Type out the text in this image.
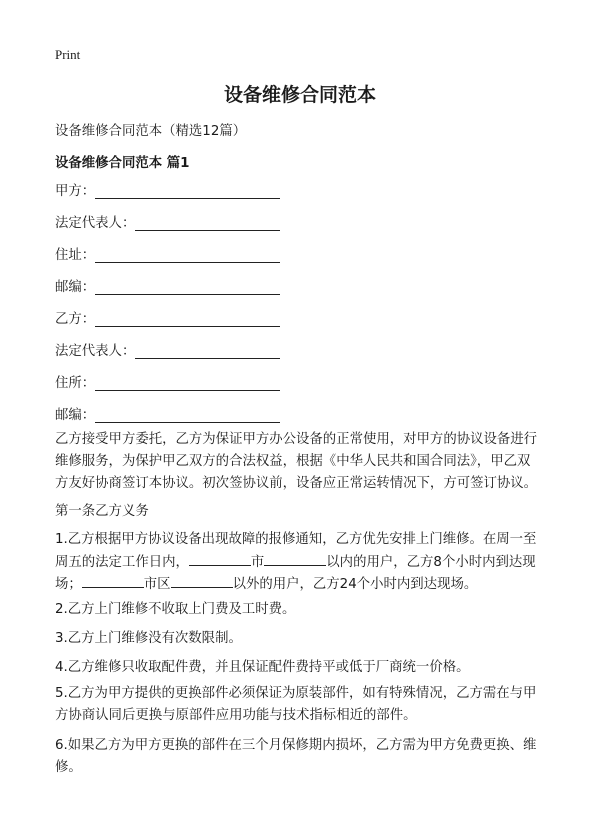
Print
设备维修合同范本
设备维修合同范本（精选12篇）
设备维修合同范本 篇1
甲方：
法定代表人：
住址：
邮编：
乙方：
法定代表人：
住所：
邮编：
乙方接受甲方委托，乙方为保证甲方办公设备的正常使用，对甲方的协议设备进行
维修服务，为保护甲乙双方的合法权益，根据《中华人民共和国合同法》，甲乙双
方友好协商签订本协议。初次签协议前，设备应正常运转情况下，方可签订协议。
第一条乙方义务
1.乙方根据甲方协议设备出现故障的报修通知，乙方优先安排上门维修。在周一至
周五的法定工作日内，	市	以内的用户，乙方8个小时内到达现
场；	市区	以外的用户，乙方24个小时内到达现场。
2.乙方上门维修不收取上门费及工时费。
3.乙方上门维修没有次数限制。
4.乙方维修只收取配件费，并且保证配件费持平或低于厂商统一价格。
5.乙方为甲方提供的更换部件必须保证为原装部件，如有特殊情况，乙方需在与甲
方协商认同后更换与原部件应用功能与技术指标相近的部件。
6.如果乙方为甲方更换的部件在三个月保修期内损坏，乙方需为甲方免费更换、维
修。
